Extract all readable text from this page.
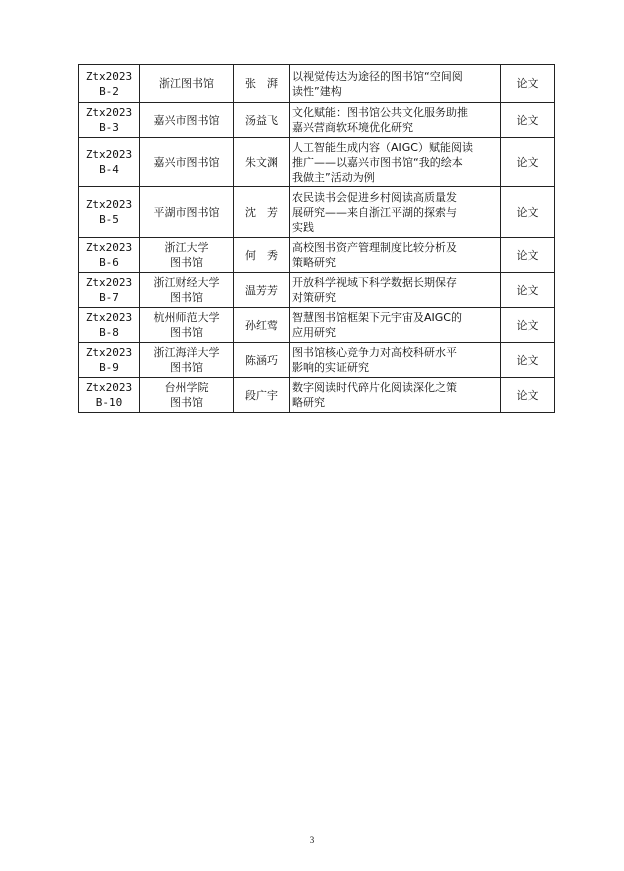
Ztx2023
B-2	浙江图书馆	张　湃	以视觉传达为途径的图书馆“空间阅
读性”建构	论文

Ztx2023
B-3	嘉兴市图书馆	汤益飞	文化赋能：图书馆公共文化服务助推
嘉兴营商软环境优化研究	论文

Ztx2023
B-4	嘉兴市图书馆	朱文渊	人工智能生成内容（AIGC）赋能阅读
推广——以嘉兴市图书馆“我的绘本
我做主”活动为例	论文

Ztx2023
B-5	平湖市图书馆	沈　芳	农民读书会促进乡村阅读高质量发
展研究——来自浙江平湖的探索与
实践	论文

Ztx2023
B-6	浙江大学
图书馆	何　秀	高校图书资产管理制度比较分析及
策略研究	论文

Ztx2023
B-7	浙江财经大学
图书馆	温芳芳	开放科学视域下科学数据长期保存
对策研究	论文

Ztx2023
B-8	杭州师范大学
图书馆	孙红莺	智慧图书馆框架下元宇宙及AIGC的
应用研究	论文

Ztx2023
B-9	浙江海洋大学
图书馆	陈涵巧	图书馆核心竞争力对高校科研水平
影响的实证研究	论文

Ztx2023
B-10	台州学院
图书馆	段广宇	数字阅读时代碎片化阅读深化之策
略研究	论文
3
